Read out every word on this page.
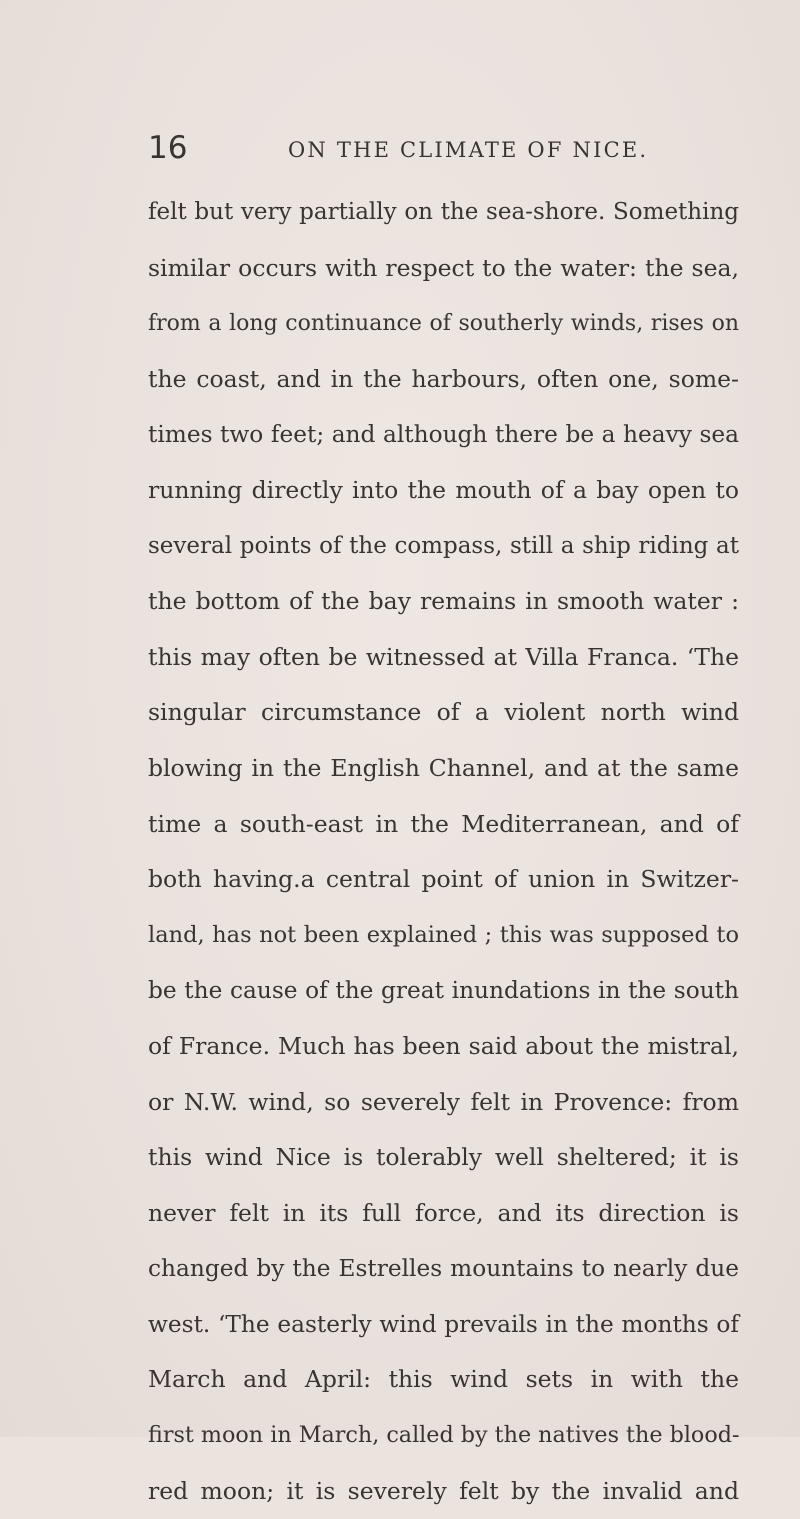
16	ON THE CLIMATE OF NICE.
felt but very partially on the sea-shore. Something
similar occurs with respect to the water: the sea,
from a long continuance of southerly winds, rises on
the coast, and in the harbours, often one, some-
times two feet; and although there be a heavy sea
running directly into the mouth of a bay open to
several points of the compass, still a ship riding at
the bottom of the bay remains in smooth water :
this may often be witnessed at Villa Franca. ‘The
singular circumstance of a violent north wind
blowing in the English Channel, and at the same
time a south-east in the Mediterranean, and of
both having.a central point of union in Switzer-
land, has not been explained ; this was supposed to
be the cause of the great inundations in the south
of France. Much has been said about the mistral,
or N.W. wind, so severely felt in Provence: from
this wind Nice is tolerably well sheltered; it is
never felt in its full force, and its direction is
changed by the Estrelles mountains to nearly due
west. ‘The easterly wind prevails in the months of
March and April: this wind sets in with the
first moon in March, called by the natives the blood-
red moon; it is severely felt by the invalid and
